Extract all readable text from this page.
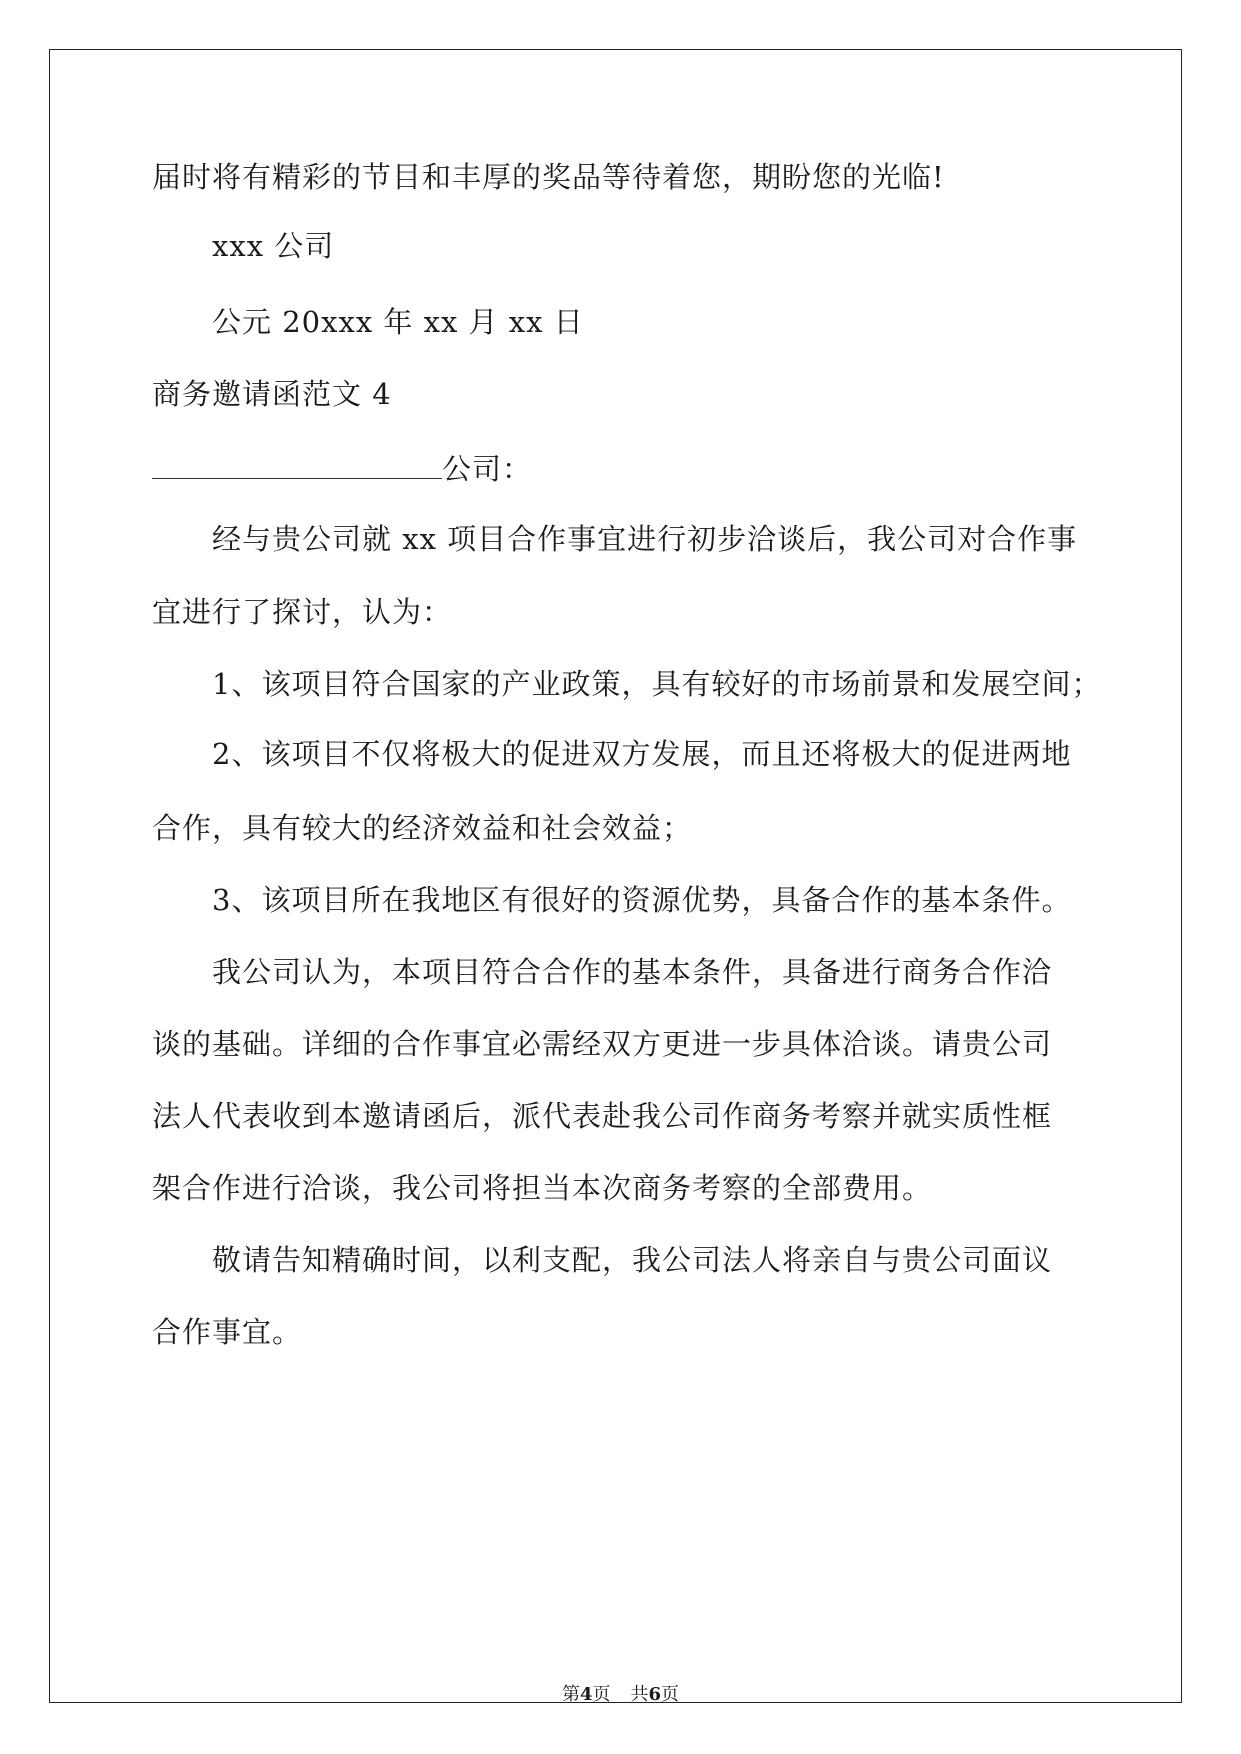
届时将有精彩的节目和丰厚的奖品等待着您，期盼您的光临!
xxx 公司
公元 20xxx 年 xx 月 xx 日
商务邀请函范文 4
公司：
经与贵公司就 xx 项目合作事宜进行初步洽谈后，我公司对合作事
宜进行了探讨，认为：
1、该项目符合国家的产业政策，具有较好的市场前景和发展空间；
2、该项目不仅将极大的促进双方发展，而且还将极大的促进两地
合作，具有较大的经济效益和社会效益；
3、该项目所在我地区有很好的资源优势，具备合作的基本条件。
我公司认为，本项目符合合作的基本条件，具备进行商务合作洽
谈的基础。详细的合作事宜必需经双方更进一步具体洽谈。请贵公司
法人代表收到本邀请函后，派代表赴我公司作商务考察并就实质性框
架合作进行洽谈，我公司将担当本次商务考察的全部费用。
敬请告知精确时间，以利支配，我公司法人将亲自与贵公司面议
合作事宜。
第4页 共6页
